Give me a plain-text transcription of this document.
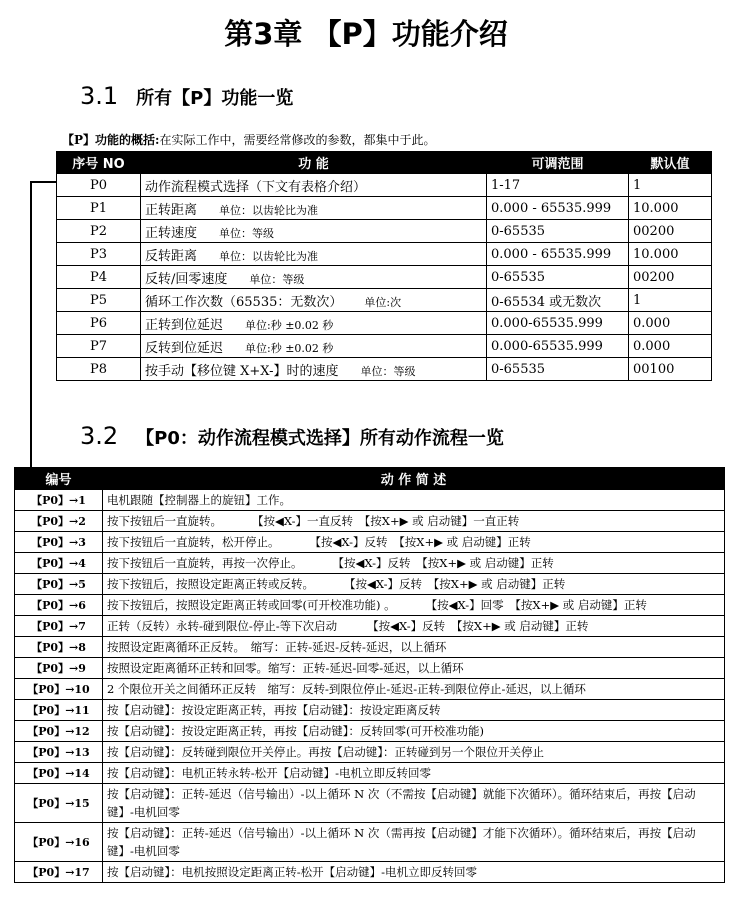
第3章 【P】功能介绍
3.1 所有【P】功能一览
【P】功能的概括:在实际工作中，需要经常修改的参数，都集中于此。
序号 NO	功 能	可调范围	默认值
P0	动作流程模式选择（下文有表格介绍）	1-17	1
P1	正转距离 单位：以齿轮比为准	0.000 - 65535.999	10.000
P2	正转速度 单位：等级	0-65535	00200
P3	反转距离 单位：以齿轮比为准	0.000 - 65535.999	10.000
P4	反转/回零速度 单位：等级	0-65535	00200
P5	循环工作次数（65535：无数次） 单位:次	0-65534 或无数次	1
P6	正转到位延迟 单位:秒 ±0.02 秒	0.000-65535.999	0.000
P7	反转到位延迟 单位:秒 ±0.02 秒	0.000-65535.999	0.000
P8	按手动【移位键 X+X-】时的速度 单位：等级	0-65535	00100
3.2 【P0：动作流程模式选择】所有动作流程一览
编号	动 作 简 述
【P0】→1	电机跟随【控制器上的旋钮】工作。
【P0】→2	按下按钮后一直旋转。 【按◀X-】一直反转　【按X+▶ 或 启动键】一直正转
【P0】→3	按下按钮后一直旋转，松开停止。 【按◀X-】反转　【按X+▶ 或 启动键】正转
【P0】→4	按下按钮后一直旋转，再按一次停止。 【按◀X-】反转　【按X+▶ 或 启动键】正转
【P0】→5	按下按钮后，按照设定距离正转或反转。 【按◀X-】反转　【按X+▶ 或 启动键】正转
【P0】→6	按下按钮后，按照设定距离正转或回零(可开校准功能) 。 【按◀X-】回零　【按X+▶ 或 启动键】正转
【P0】→7	正转（反转）永转-碰到限位-停止-等下次启动 【按◀X-】反转　【按X+▶ 或 启动键】正转
【P0】→8	按照设定距离循环正反转。　缩写：正转-延迟-反转-延迟，以上循环
【P0】→9	按照设定距离循环正转和回零。缩写：正转-延迟-回零-延迟，以上循环
【P0】→10	2 个限位开关之间循环正反转　缩写：反转-到限位停止-延迟-正转-到限位停止-延迟，以上循环
【P0】→11	按【启动键】：按设定距离正转，再按【启动键】：按设定距离反转
【P0】→12	按【启动键】：按设定距离正转，再按【启动键】：反转回零(可开校准功能)
【P0】→13	按【启动键】：反转碰到限位开关停止。再按【启动键】：正转碰到另一个限位开关停止
【P0】→14	按【启动键】：电机正转永转-松开【启动键】-电机立即反转回零
【P0】→15	按【启动键】：正转-延迟（信号输出）-以上循环 N 次（不需按【启动键】就能下次循环）。循环结束后，再按【启动键】-电机回零
【P0】→16	按【启动键】：正转-延迟（信号输出）-以上循环 N 次（需再按【启动键】才能下次循环）。循环结束后，再按【启动键】-电机回零
【P0】→17	按【启动键】：电机按照设定距离正转-松开【启动键】-电机立即反转回零
